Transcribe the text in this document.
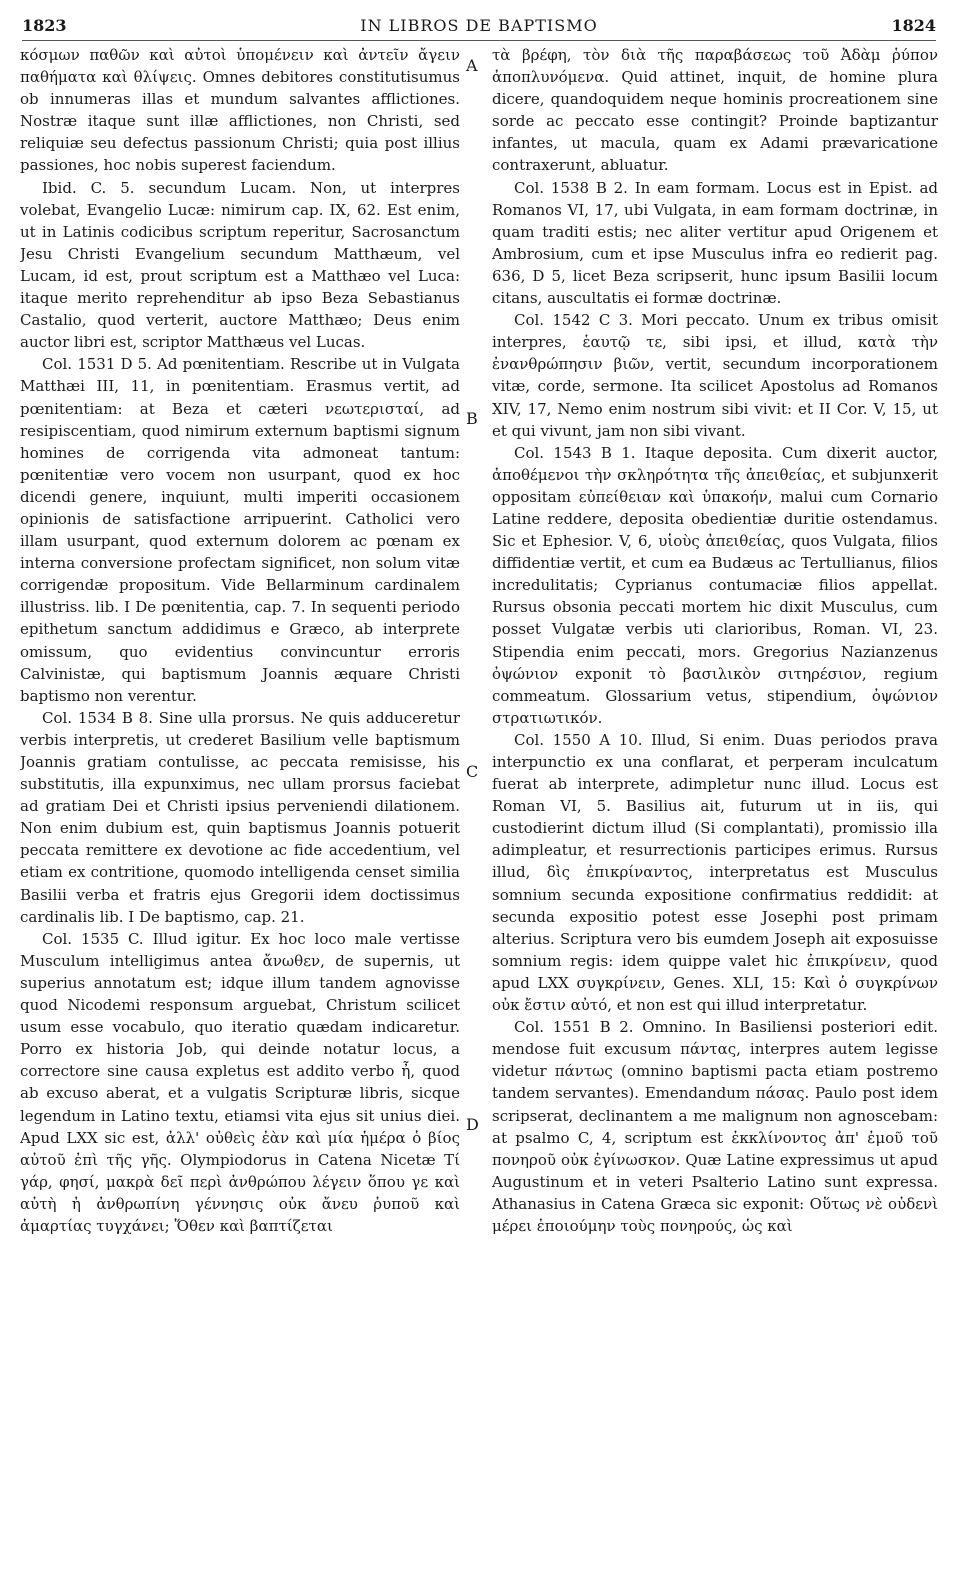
1823	IN LIBROS DE BAPTISMO	1824

κόσμων παθῶν καὶ αὐτοὶ ὑπομένειν καὶ ἀντεῖν ἄγειν παθήματα καὶ θλίψεις. Omnes debitores constitutisumus ob innumeras illas et mundum salvantes afflictiones. Nostræ itaque sunt illæ afflictiones, non Christi, sed reliquiæ seu defectus passionum Christi; quia post illius passiones, hoc nobis superest faciendum.

Ibid. C. 5. secundum Lucam. Non, ut interpres volebat, Evangelio Lucæ: nimirum cap. IX, 62. Est enim, ut in Latinis codicibus scriptum reperitur, Sacrosanctum Jesu Christi Evangelium secundum Matthæum, vel Lucam, id est, prout scriptum est a Matthæo vel Luca: itaque merito reprehenditur ab ipso Beza Sebastianus Castalio, quod verterit, auctore Matthæo; Deus enim auctor libri est, scriptor Matthæus vel Lucas.

Col. 1531 D 5. Ad pœnitentiam. Rescribe ut in Vulgata Matthæi III, 11, in pœnitentiam. Erasmus vertit, ad pœnitentiam: at Beza et cæteri νεωτερισταί, ad resipiscentiam, quod nimirum externum baptismi signum homines de corrigenda vita admoneat tantum: pœnitentiæ vero vocem non usurpant, quod ex hoc dicendi genere, inquiunt, multi imperiti occasionem opinionis de satisfactione arripuerint. Catholici vero illam usurpant, quod externum dolorem ac pœnam ex interna conversione profectam significet, non solum vitæ corrigendæ propositum. Vide Bellarminum cardinalem illustriss. lib. I De pœnitentia, cap. 7. In sequenti periodo epithetum sanctum addidimus e Græco, ab interprete omissum, quo evidentius convincuntur erroris Calvinistæ, qui baptismum Joannis æquare Christi baptismo non verentur.

Col. 1534 B 8. Sine ulla prorsus. Ne quis adduceretur verbis interpretis, ut crederet Basilium velle baptismum Joannis gratiam contulisse, ac peccata remisisse, his substitutis, illa expunximus, nec ullam prorsus faciebat ad gratiam Dei et Christi ipsius perveniendi dilationem. Non enim dubium est, quin baptismus Joannis potuerit peccata remittere ex devotione ac fide accedentium, vel etiam ex contritione, quomodo intelligenda censet similia Basilii verba et fratris ejus Gregorii idem doctissimus cardinalis lib. I De baptismo, cap. 21.

Col. 1535 C. Illud igitur. Ex hoc loco male vertisse Musculum intelligimus antea ἄνωθεν, de supernis, ut superius annotatum est; idque illum tandem agnovisse quod Nicodemi responsum arguebat, Christum scilicet usum esse vocabulo, quo iteratio quædam indicaretur. Porro ex historia Job, qui deinde notatur locus, a correctore sine causa expletus est addito verbo ἦ, quod ab excuso aberat, et a vulgatis Scripturæ libris, sicque legendum in Latino textu, etiamsi vita ejus sit unius diei. Apud LXX sic est, ἀλλ' οὐθεὶς ἐὰν καὶ μία ἡμέρα ὁ βίος αὐτοῦ ἐπὶ τῆς γῆς. Olympiodorus in Catena Nicetæ Τί γάρ, φησί, μακρὰ δεῖ περὶ ἀνθρώπου λέγειν ὅπου γε καὶ αὐτὴ ἡ ἀνθρωπίνη γέννησις οὐκ ἄνευ ῥυποῦ καὶ ἁμαρτίας τυγχάνει; Ὅθεν καὶ βαπτίζεται

A
B
C
D

τὰ βρέφη, τὸν διὰ τῆς παραβάσεως τοῦ Ἀδὰμ ῥύπον ἀποπλυνόμενα. Quid attinet, inquit, de homine plura dicere, quandoquidem neque hominis procreationem sine sorde ac peccato esse contingit? Proinde baptizantur infantes, ut macula, quam ex Adami prævaricatione contraxerunt, abluatur.

Col. 1538 B 2. In eam formam. Locus est in Epist. ad Romanos VI, 17, ubi Vulgata, in eam formam doctrinæ, in quam traditi estis; nec aliter vertitur apud Origenem et Ambrosium, cum et ipse Musculus infra eo redierit pag. 636, D 5, licet Beza scripserit, hunc ipsum Basilii locum citans, auscultatis ei formæ doctrinæ.

Col. 1542 C 3. Mori peccato. Unum ex tribus omisit interpres, ἑαυτῷ τε, sibi ipsi, et illud, κατὰ τὴν ἐνανθρώπησιν βιῶν, vertit, secundum incorporationem vitæ, corde, sermone. Ita scilicet Apostolus ad Romanos XIV, 17, Nemo enim nostrum sibi vivit: et II Cor. V, 15, ut et qui vivunt, jam non sibi vivant.

Col. 1543 B 1. Itaque deposita. Cum dixerit auctor, ἀποθέμενοι τὴν σκληρότητα τῆς ἀπειθείας, et subjunxerit oppositam εὐπείθειαν καὶ ὑπακοήν, malui cum Cornario Latine reddere, deposita obedientiæ duritie ostendamus. Sic et Ephesior. V, 6, υἱοὺς ἀπειθείας, quos Vulgata, filios diffidentiæ vertit, et cum ea Budæus ac Tertullianus, filios incredulitatis; Cyprianus contumaciæ filios appellat. Rursus obsonia peccati mortem hic dixit Musculus, cum posset Vulgatæ verbis uti clarioribus, Roman. VI, 23. Stipendia enim peccati, mors. Gregorius Nazianzenus ὀψώνιον exponit τὸ βασιλικὸν σιτηρέσιον, regium commeatum. Glossarium vetus, stipendium, ὀψώνιον στρατιωτικόν.

Col. 1550 A 10. Illud, Si enim. Duas periodos prava interpunctio ex una conflarat, et perperam inculcatum fuerat ab interprete, adimpletur nunc illud. Locus est Roman VI, 5. Basilius ait, futurum ut in iis, qui custodierint dictum illud (Si complantati), promissio illa adimpleatur, et resurrectionis participes erimus. Rursus illud, δὶς ἐπικρίναντος, interpretatus est Musculus somnium secunda expositione confirmatius reddidit: at secunda expositio potest esse Josephi post primam alterius. Scriptura vero bis eumdem Joseph ait exposuisse somnium regis: idem quippe valet hic ἐπικρίνειν, quod apud LXX συγκρίνειν, Genes. XLI, 15: Καὶ ὁ συγκρίνων οὐκ ἔστιν αὐτό, et non est qui illud interpretatur.

Col. 1551 B 2. Omnino. In Basiliensi posteriori edit. mendose fuit excusum πάντας, interpres autem legisse videtur πάντως (omnino baptismi pacta etiam postremo tandem servantes). Emendandum πάσας. Paulo post idem scripserat, declinantem a me malignum non agnoscebam: at psalmo C, 4, scriptum est ἐκκλίνοντος ἀπ' ἐμοῦ τοῦ πονηροῦ οὐκ ἐγίνωσκον. Quæ Latine expressimus ut apud Augustinum et in veteri Psalterio Latino sunt expressa. Athanasius in Catena Græca sic exponit: Οὕτως νὲ οὐδενὶ μέρει ἐποιούμην τοὺς πονηρούς, ὡς καὶ
